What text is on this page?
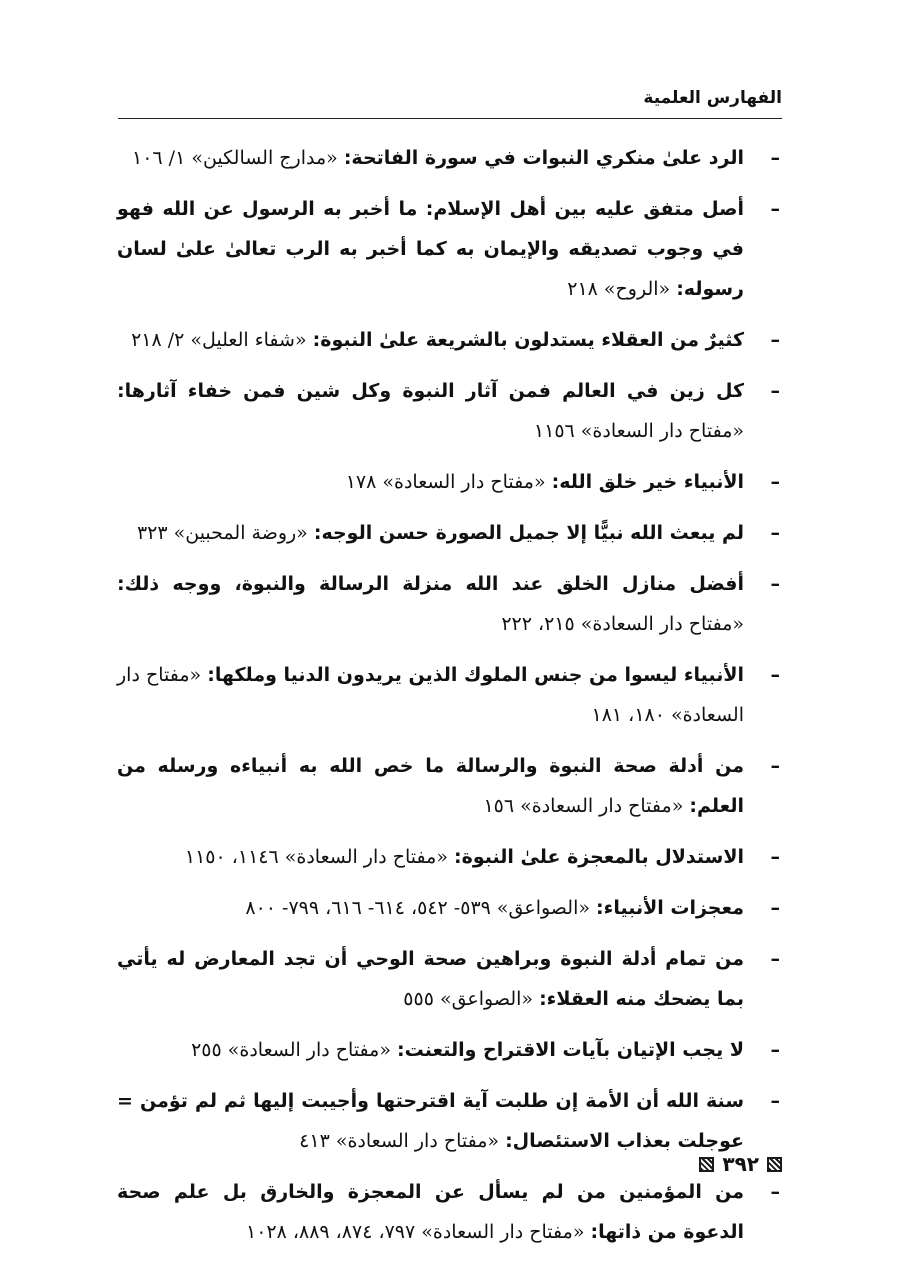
الفهارس العلمية
–
الرد علىٰ منكري النبوات في سورة الفاتحة: «مدارج السالكين» ١/ ١٠٦
–
أصل متفق عليه بين أهل الإسلام: ما أخبر به الرسول عن الله فهو في وجوب تصديقه والإيمان به كما أخبر به الرب تعالىٰ علىٰ لسان رسوله: «الروح» ٢١٨
–
كثيرٌ من العقلاء يستدلون بالشريعة علىٰ النبوة: «شفاء العليل» ٢/ ٢١٨
–
كل زين في العالم فمن آثار النبوة وكل شين فمن خفاء آثارها: «مفتاح دار السعادة» ١١٥٦
–
الأنبياء خير خلق الله: «مفتاح دار السعادة» ١٧٨
–
لم يبعث الله نبيًّا إلا جميل الصورة حسن الوجه: «روضة المحبين» ٣٢٣
–
أفضل منازل الخلق عند الله منزلة الرسالة والنبوة، ووجه ذلك: «مفتاح دار السعادة» ٢١٥، ٢٢٢
–
الأنبياء ليسوا من جنس الملوك الذين يريدون الدنيا وملكها: «مفتاح دار السعادة» ١٨٠، ١٨١
–
من أدلة صحة النبوة والرسالة ما خص الله به أنبياءه ورسله من العلم: «مفتاح دار السعادة» ١٥٦
–
الاستدلال بالمعجزة علىٰ النبوة: «مفتاح دار السعادة» ١١٤٦، ١١٥٠
–
معجزات الأنبياء: «الصواعق» ٥٣٩- ٥٤٢، ٦١٤- ٦١٦، ٧٩٩- ٨٠٠
–
من تمام أدلة النبوة وبراهين صحة الوحي أن تجد المعارض له يأتي بما يضحك منه العقلاء: «الصواعق» ٥٥٥
–
لا يجب الإتيان بآيات الاقتراح والتعنت: «مفتاح دار السعادة» ٢٥٥
–
سنة الله أن الأمة إن طلبت آية اقترحتها وأجيبت إليها ثم لم تؤمن = عوجلت بعذاب الاستئصال: «مفتاح دار السعادة» ٤١٣
–
من المؤمنين من لم يسأل عن المعجزة والخارق بل علم صحة الدعوة من ذاتها: «مفتاح دار السعادة» ٧٩٧، ٨٧٤، ٨٨٩، ١٠٢٨
٣٩٢
